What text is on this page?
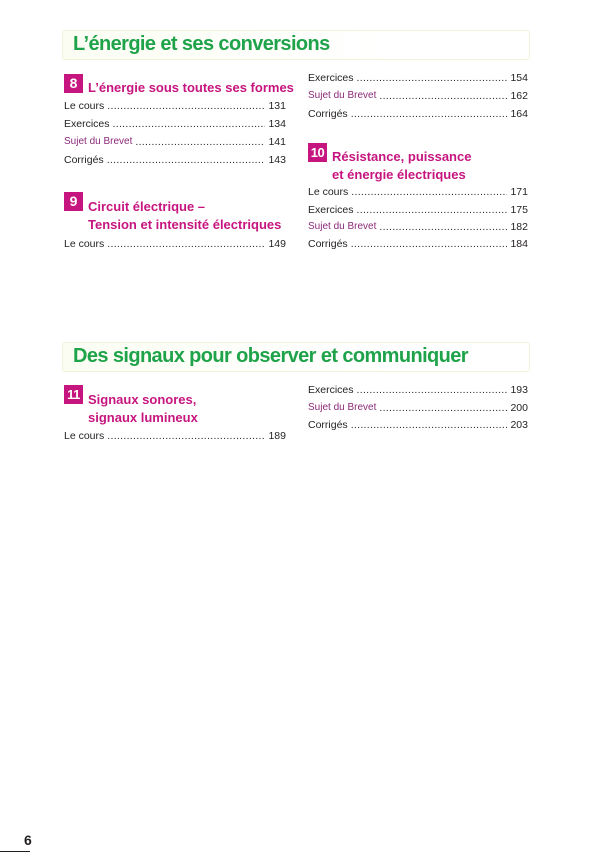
L’énergie et ses conversions
8 L’énergie sous toutes ses formes
Le cours .....	131
Exercices .....	134
Sujet du Brevet .....	141
Corrigés .....	143
9 Circuit électrique –
Tension et intensité électriques
Le cours .....	149
Exercices .....	154
Sujet du Brevet .....	162
Corrigés .....	164
10 Résistance, puissance
et énergie électriques
Le cours .....	171
Exercices .....	175
Sujet du Brevet .....	182
Corrigés .....	184
Des signaux pour observer et communiquer
11 Signaux sonores,
signaux lumineux
Le cours .....	189
Exercices .....	193
Sujet du Brevet .....	200
Corrigés .....	203
6
